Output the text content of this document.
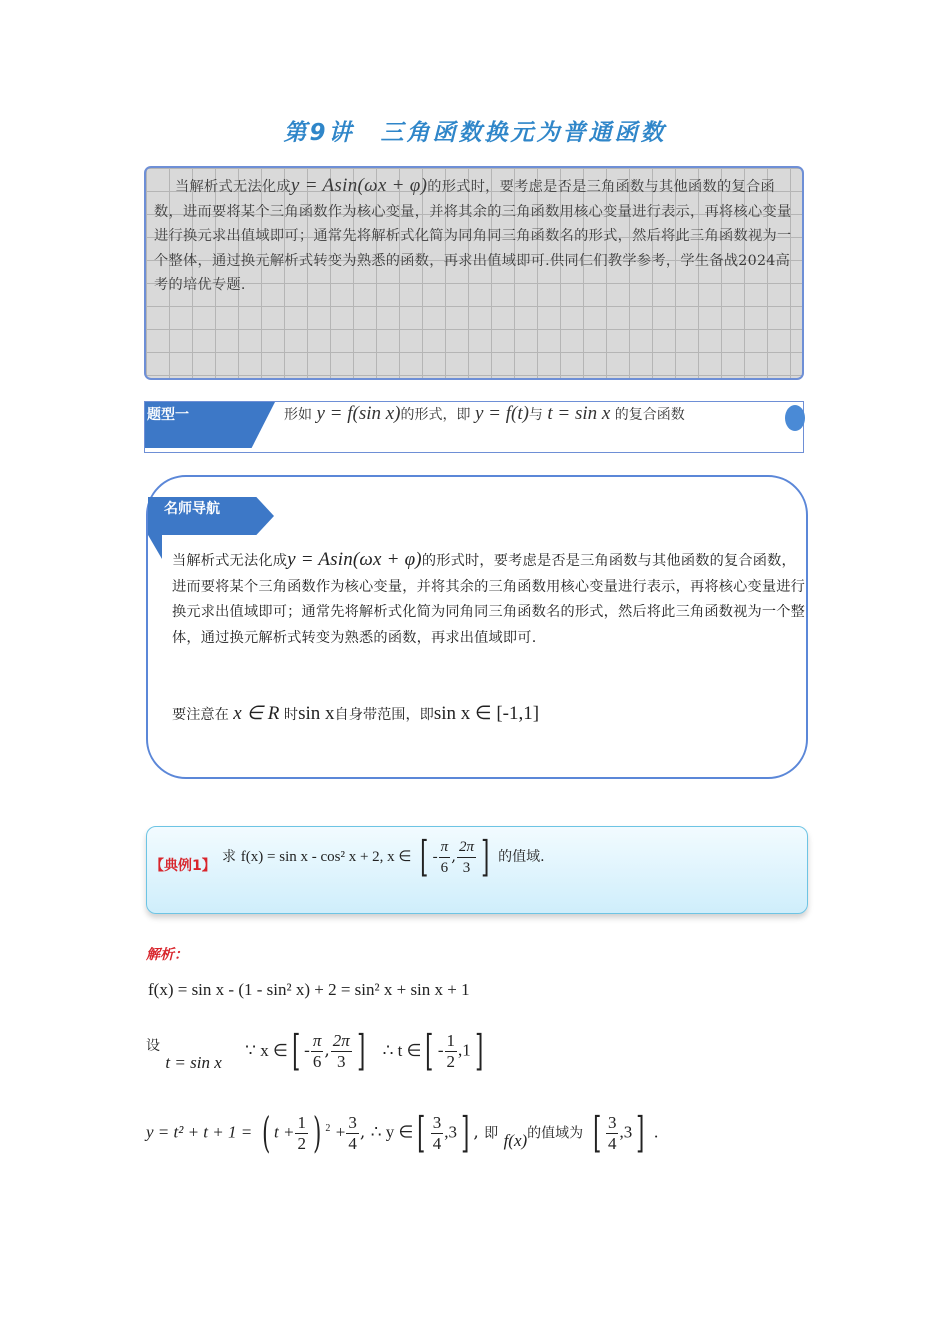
第9讲　三角函数换元为普通函数
当解析式无法化成y = Asin(ωx + φ)的形式时，要考虑是否是三角函数与其他函数的复合函数，进而要将某个三角函数作为核心变量，并将其余的三角函数用核心变量进行表示，再将核心变量进行换元求出值域即可；通常先将解析式化简为同角同三角函数名的形式，然后将此三角函数视为一个整体，通过换元解析式转变为熟悉的函数，再求出值域即可.供同仁们教学参考，学生备战2024高考的培优专题.
题型一	形如 y = f(sin x)的形式，即 y = f(t)与 t = sin x 的复合函数
名师导航
当解析式无法化成y = Asin(ωx + φ)的形式时，要考虑是否是三角函数与其他函数的复合函数，进而要将某个三角函数作为核心变量，并将其余的三角函数用核心变量进行表示，再将核心变量进行换元求出值域即可；通常先将解析式化简为同角同三角函数名的形式，然后将此三角函数视为一个整体，通过换元解析式转变为熟悉的函数，再求出值域即可.
要注意在 x ∈ R 时sin x自身带范围，即sin x ∈ [-1,1]
【典例1】
求 f(x) = sin x - cos² x + 2, x ∈ [ - $\frac{\pi}{6}$ , $\frac{2\pi}{3}$ ] 的值域.
解析：
f(x) = sin x - (1 - sin² x) + 2 = sin² x + sin x + 1
$^设$ t = sin x ∵ x ∈[ - $\frac{\pi}{6}$ , $\frac{2\pi}{3}$ ] ∴ t ∈[ - $\frac{1}{2} ,1$]
y = t² + t + 1 = ( $t + \frac{1}{2}$ ) $^2 + \frac{3}{4}$ , ∴ y ∈[ $\frac{3}{4} ,3$] , 即 f(x)的值域为 [ $\frac{3}{4} ,3$] .
